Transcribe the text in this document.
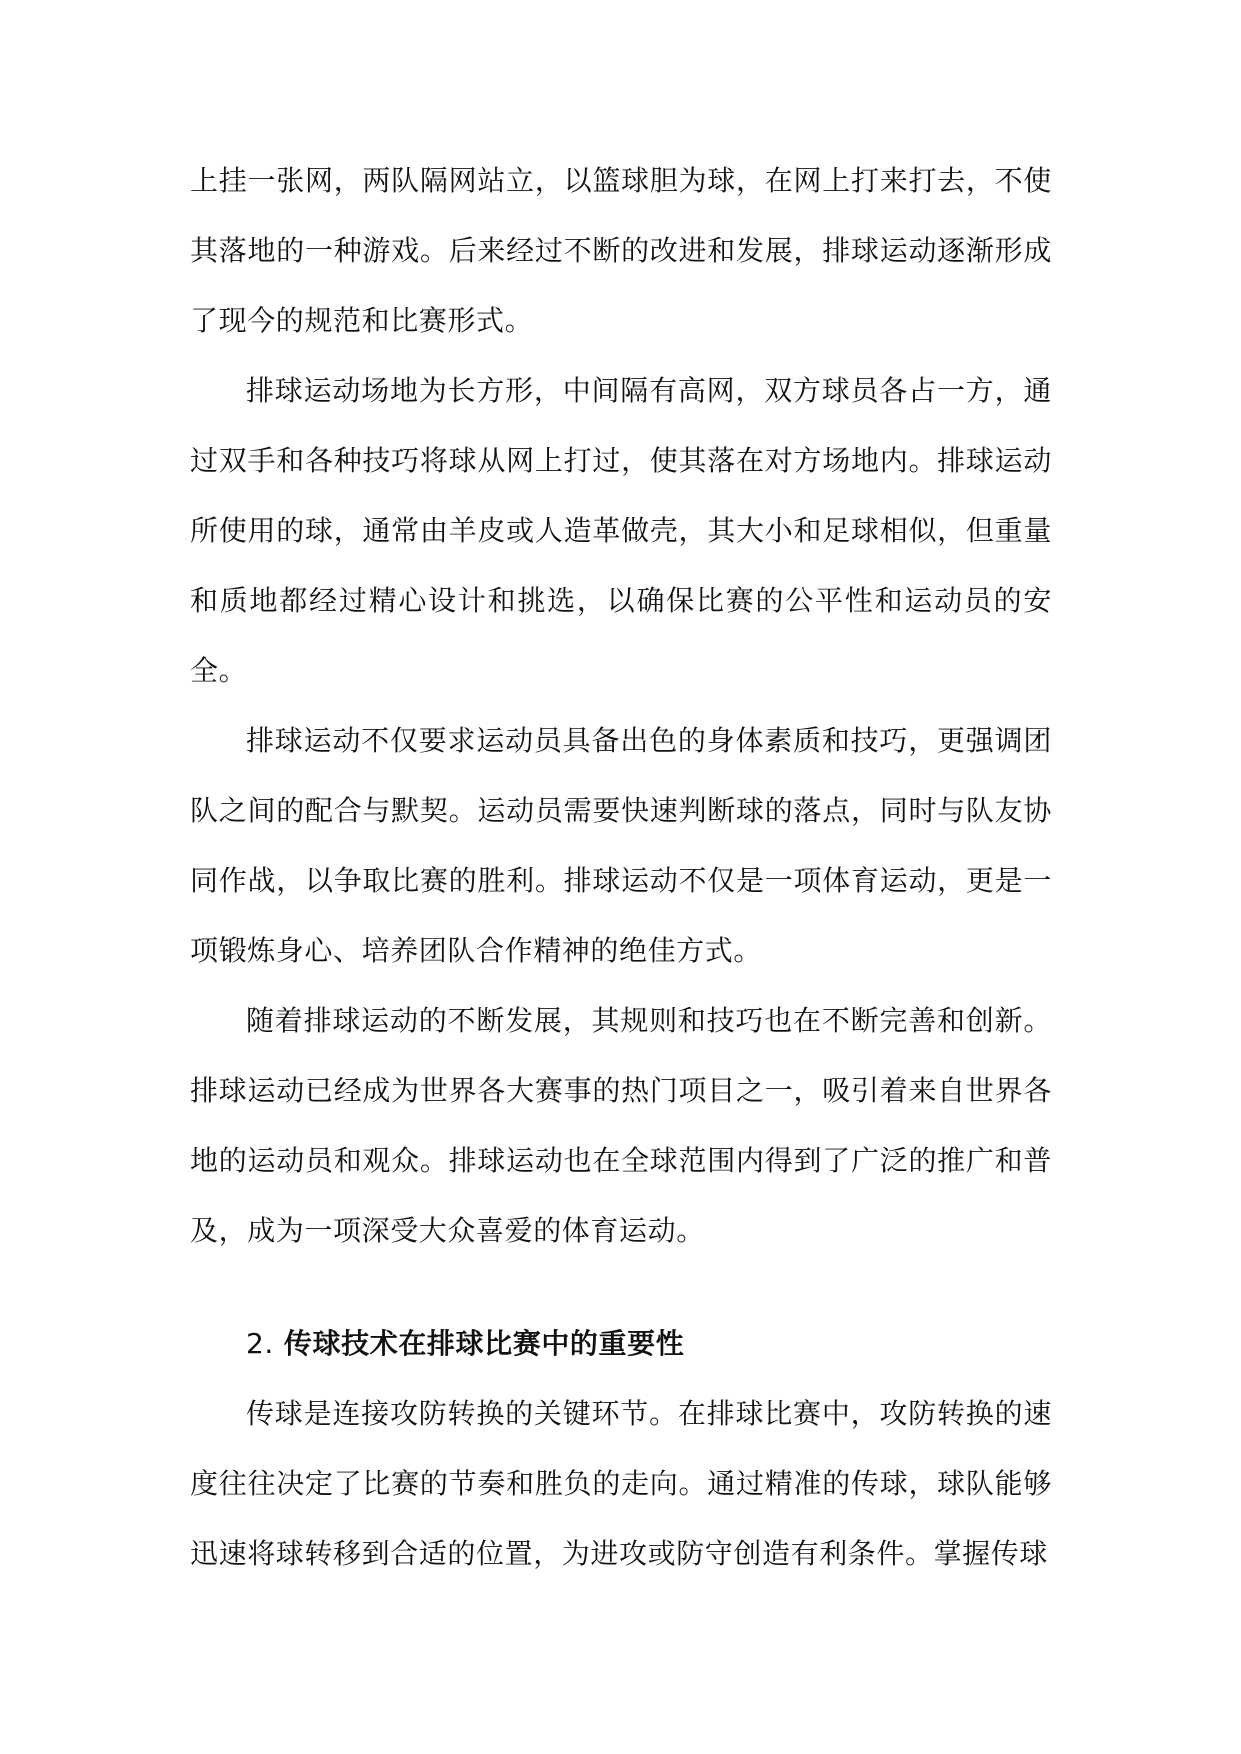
上挂一张网，两队隔网站立，以篮球胆为球，在网上打来打去，不使其落地的一种游戏。后来经过不断的改进和发展，排球运动逐渐形成了现今的规范和比赛形式。

排球运动场地为长方形，中间隔有高网，双方球员各占一方，通过双手和各种技巧将球从网上打过，使其落在对方场地内。排球运动所使用的球，通常由羊皮或人造革做壳，其大小和足球相似，但重量和质地都经过精心设计和挑选，以确保比赛的公平性和运动员的安全。

排球运动不仅要求运动员具备出色的身体素质和技巧，更强调团队之间的配合与默契。运动员需要快速判断球的落点，同时与队友协同作战，以争取比赛的胜利。排球运动不仅是一项体育运动，更是一项锻炼身心、培养团队合作精神的绝佳方式。

随着排球运动的不断发展，其规则和技巧也在不断完善和创新。排球运动已经成为世界各大赛事的热门项目之一，吸引着来自世界各地的运动员和观众。排球运动也在全球范围内得到了广泛的推广和普及，成为一项深受大众喜爱的体育运动。

2. 传球技术在排球比赛中的重要性

传球是连接攻防转换的关键环节。在排球比赛中，攻防转换的速度往往决定了比赛的节奏和胜负的走向。通过精准的传球，球队能够迅速将球转移到合适的位置，为进攻或防守创造有利条件。掌握传球
